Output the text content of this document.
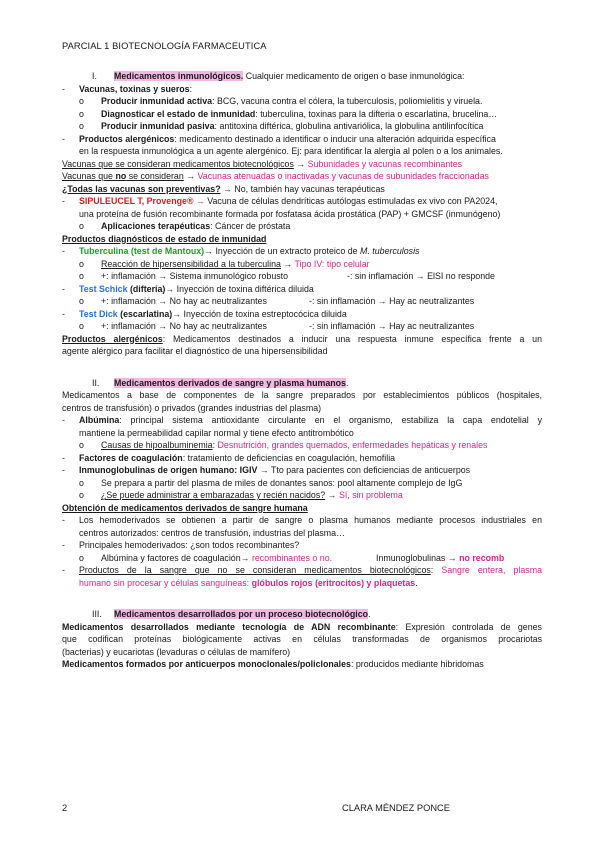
PARCIAL 1 BIOTECNOLOGÍA FARMACEUTICA
I. Medicamentos inmunológicos. Cualquier medicamento de origen o base inmunológica:
- Vacunas, toxinas y sueros:
o Producir inmunidad activa: BCG, vacuna contra el cólera, la tuberculosis, poliomielitis y viruela.
o Diagnosticar el estado de inmunidad: tuberculina, toxinas para la difteria o escarlatina, brucelina…
o Producir inmunidad pasiva: antitoxina diftérica, globulina antivariólica, la globulina antilinfocítica
- Productos alergénicos: medicamento destinado a identificar o inducir una alteración adquirida específica
en la respuesta inmunológica a un agente alergénico. Ej: para identificar la alergia al polen o a los animales.
Vacunas que se consideran medicamentos biotecnológicos → Subunidades y vacunas recombinantes
Vacunas que no se consideran → Vacunas atenuadas o inactivadas y vacunas de subunidades fraccionadas
¿Todas las vacunas son preventivas? → No, también hay vacunas terapéuticas
- SIPULEUCEL T, Provenge® → Vacuna de células dendríticas autólogas estimuladas ex vivo con PA2024,
una proteína de fusión recombinante formada por fosfatasa ácida prostática (PAP) + GMCSF (inmunógeno)
o Aplicaciones terapéuticas: Cáncer de próstata
Productos diagnósticos de estado de inmunidad
- Tuberculina (test de Mantoux)→ Inyección de un extracto proteico de M. tuberculosis
o Reacción de hipersensibilidad a la tuberculina → Tipo IV: tipo celular
o +: inflamación → Sistema inmunológico robusto	-: sin inflamación → ElSI no responde
- Test Schick (difteria)→ Inyección de toxina diftérica diluida
o +: inflamación → No hay ac neutralizantes	-: sin inflamación → Hay ac neutralizantes
- Test Dick (escarlatina)→ Inyección de toxina estreptocócica diluida
o +: inflamación → No hay ac neutralizantes	-: sin inflamación → Hay ac neutralizantes
Productos alergénicos: Medicamentos destinados a inducir una respuesta inmune específica frente a un
agente alérgico para facilitar el diagnóstico de una hipersensibilidad
II. Medicamentos derivados de sangre y plasma humanos.
Medicamentos a base de componentes de la sangre preparados por establecimientos públicos (hospitales,
centros de transfusión) o privados (grandes industrias del plasma)
- Albúmina: principal sistema antioxidante circulante en el organismo, estabiliza la capa endotelial y
mantiene la permeabilidad capilar normal y tiene efecto antitrombótico
o Causas de hipoalbuminemia: Desnutrición, grandes quemados, enfermedades hepáticas y renales
- Factores de coagulación: tratamiento de deficiencias en coagulación, hemofilia
- Inmunoglobulinas de origen humano: IGIV → Tto para pacientes con deficiencias de anticuerpos
o Se prepara a partir del plasma de miles de donantes sanos: pool altamente complejo de IgG
o ¿Se puede administrar a embarazadas y recién nacidos? → Sí, sin problema
Obtención de medicamentos derivados de sangre humana
- Los hemoderivados se obtienen a partir de sangre o plasma humanos mediante procesos industriales en
centros autorizados: centros de transfusión, industrias del plasma…
- Principales hemoderivados: ¿son todos recombinantes?
o Albúmina y factores de coagulación→ recombinantes o no.	Inmunoglobulinas → no recomb
- Productos de la sangre que no se consideran medicamentos biotecnológicos: Sangre entera, plasma
humano sin procesar y células sanguíneas: glóbulos rojos (eritrocitos) y plaquetas.
III. Medicamentos desarrollados por un proceso biotecnológico.
Medicamentos desarrollados mediante tecnología de ADN recombinante: Expresión controlada de genes
que codifican proteínas biológicamente activas en células transformadas de organismos procariotas
(bacterias) y eucariotas (levaduras o células de mamífero)
Medicamentos formados por anticuerpos monoclonales/policlonales: producidos mediante hibridomas
2	CLARA MÉNDEZ PONCE
